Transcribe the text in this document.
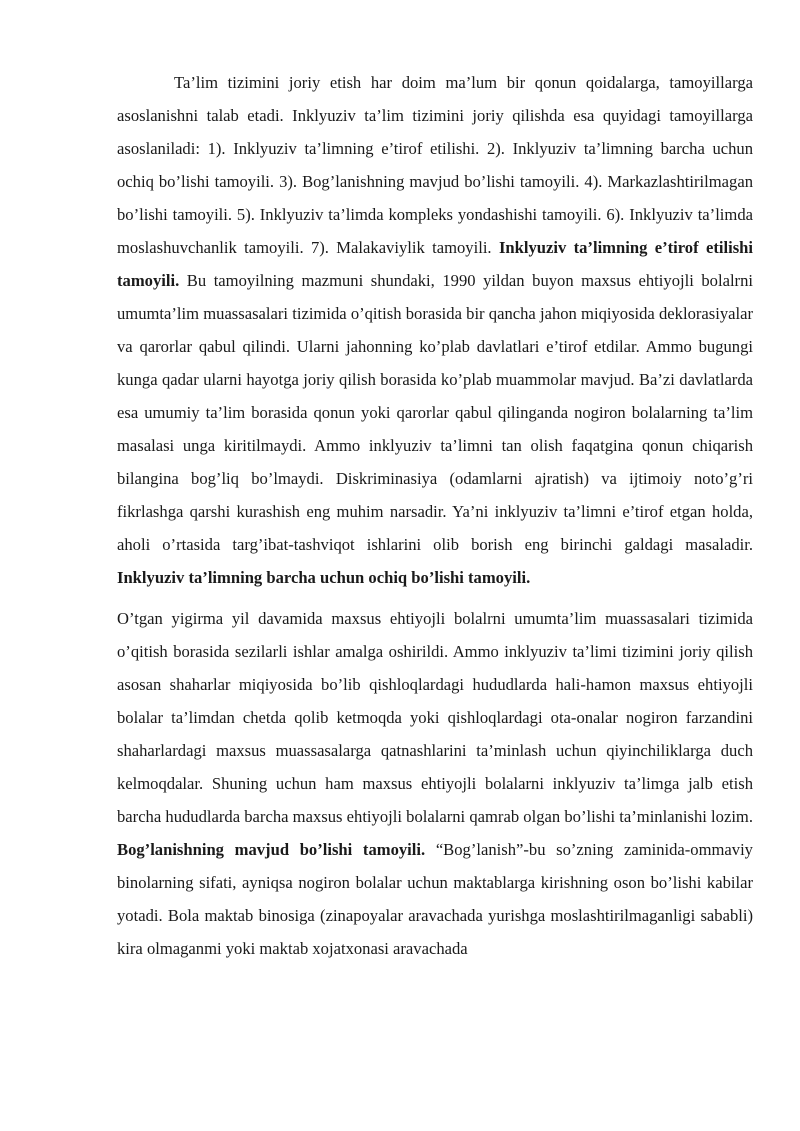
Ta’lim tizimini joriy etish har doim ma’lum bir qonun qoidalarga, tamoyillarga asoslanishni talab etadi. Inklyuziv ta’lim tizimini joriy qilishda esa quyidagi tamoyillarga asoslaniladi: 1). Inklyuziv ta’limning e’tirof etilishi. 2). Inklyuziv ta’limning barcha uchun ochiq bo’lishi tamoyili. 3). Bog’lanishning mavjud bo’lishi tamoyili. 4). Markazlashtirilmagan bo’lishi tamoyili. 5). Inklyuziv ta’limda kompleks yondashishi tamoyili. 6). Inklyuziv ta’limda moslashuvchanlik tamoyili. 7). Malakaviylik tamoyili. Inklyuziv ta’limning e’tirof etilishi tamoyili. Bu tamoyilning mazmuni shundaki, 1990 yildan buyon maxsus ehtiyojli bolalrni umumta’lim muassasalari tizimida o’qitish borasida bir qancha jahon miqiyosida deklorasiyalar va qarorlar qabul qilindi. Ularni jahonning ko’plab davlatlari e’tirof etdilar. Ammo bugungi kunga qadar ularni hayotga joriy qilish borasida ko’plab muammolar mavjud. Ba’zi davlatlarda esa umumiy ta’lim borasida qonun yoki qarorlar qabul qilinganda nogiron bolalarning ta’lim masalasi unga kiritilmaydi. Ammo inklyuziv ta’limni tan olish faqatgina qonun chiqarish bilangina bog’liq bo’lmaydi. Diskriminasiya (odamlarni ajratish) va ijtimoiy noto’g’ri fikrlashga qarshi kurashish eng muhim narsadir. Ya’ni inklyuziv ta’limni e’tirof etgan holda, aholi o’rtasida targ’ibat-tashviqot ishlarini olib borish eng birinchi galdagi masaladir. Inklyuziv ta’limning barcha uchun ochiq bo’lishi tamoyili.

O’tgan yigirma yil davamida maxsus ehtiyojli bolalrni umumta’lim muassasalari tizimida o’qitish borasida sezilarli ishlar amalga oshirildi. Ammo inklyuziv ta’limi tizimini joriy qilish asosan shaharlar miqiyosida bo’lib qishloqlardagi hududlarda hali-hamon maxsus ehtiyojli bolalar ta’limdan chetda qolib ketmoqda yoki qishloqlardagi ota-onalar nogiron farzandini shaharlardagi maxsus muassasalarga qatnashlarini ta’minlash uchun qiyinchiliklarga duch kelmoqdalar. Shuning uchun ham maxsus ehtiyojli bolalarni inklyuziv ta’limga jalb etish barcha hududlarda barcha maxsus ehtiyojli bolalarni qamrab olgan bo’lishi ta’minlanishi lozim. Bog’lanishning mavjud bo’lishi tamoyili. “Bog’lanish”-bu so’zning zaminida-ommaviy binolarning sifati, ayniqsa nogiron bolalar uchun maktablarga kirishning oson bo’lishi kabilar yotadi. Bola maktab binosiga (zinapoyalar aravachada yurishga moslashtirilmaganligi sababli) kira olmaganmi yoki maktab xojatxonasi aravachada
